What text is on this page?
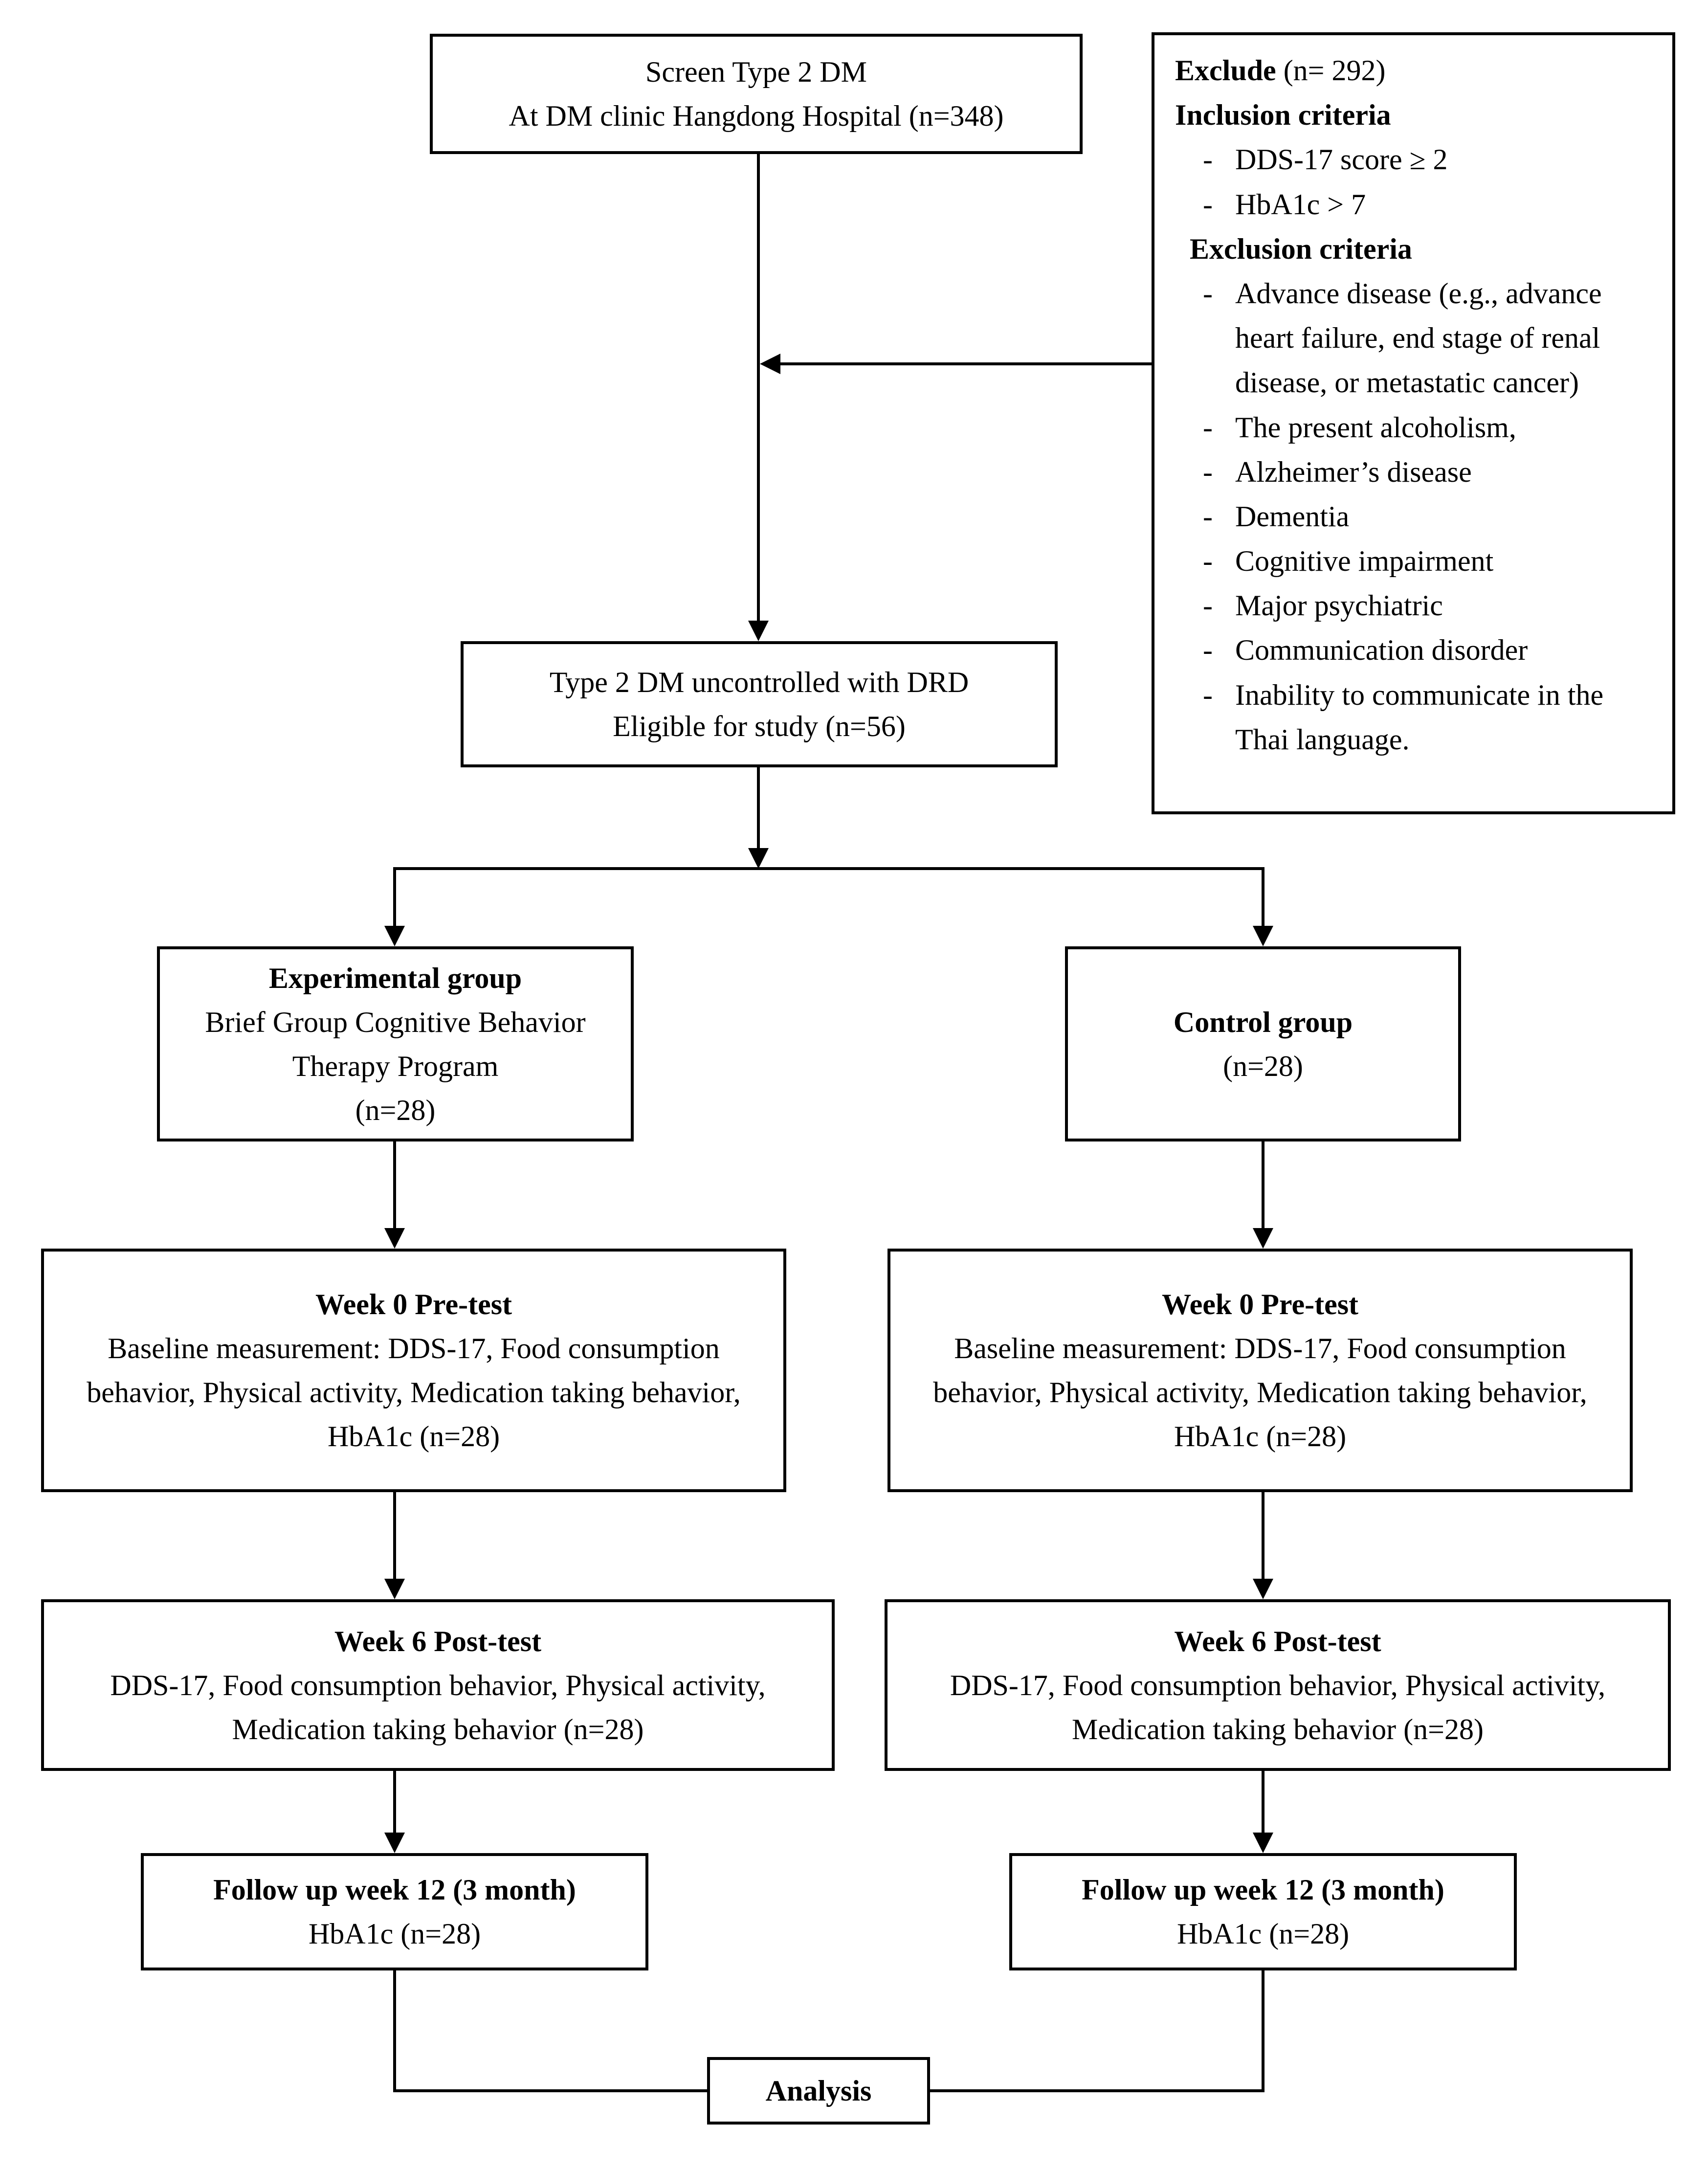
Screen Type 2 DM
At DM clinic Hangdong Hospital (n=348)
Exclude (n= 292)
Inclusion criteria
- DDS-17 score ≥ 2
- HbA1c > 7
Exclusion criteria
- Advance disease (e.g., advance heart failure, end stage of renal disease, or metastatic cancer)
- The present alcoholism,
- Alzheimer’s disease
- Dementia
- Cognitive impairment
- Major psychiatric
- Communication disorder
- Inability to communicate in the Thai language.
Type 2 DM uncontrolled with DRD
Eligible for study (n=56)
Experimental group
Brief Group Cognitive Behavior Therapy Program
(n=28)
Control group
(n=28)
Week 0 Pre-test
Baseline measurement: DDS-17, Food consumption behavior, Physical activity, Medication taking behavior, HbA1c (n=28)
Week 0 Pre-test
Baseline measurement: DDS-17, Food consumption behavior, Physical activity, Medication taking behavior, HbA1c (n=28)
Week 6 Post-test
DDS-17, Food consumption behavior, Physical activity, Medication taking behavior (n=28)
Week 6 Post-test
DDS-17, Food consumption behavior, Physical activity, Medication taking behavior (n=28)
Follow up week 12 (3 month)
HbA1c (n=28)
Follow up week 12 (3 month)
HbA1c (n=28)
Analysis
